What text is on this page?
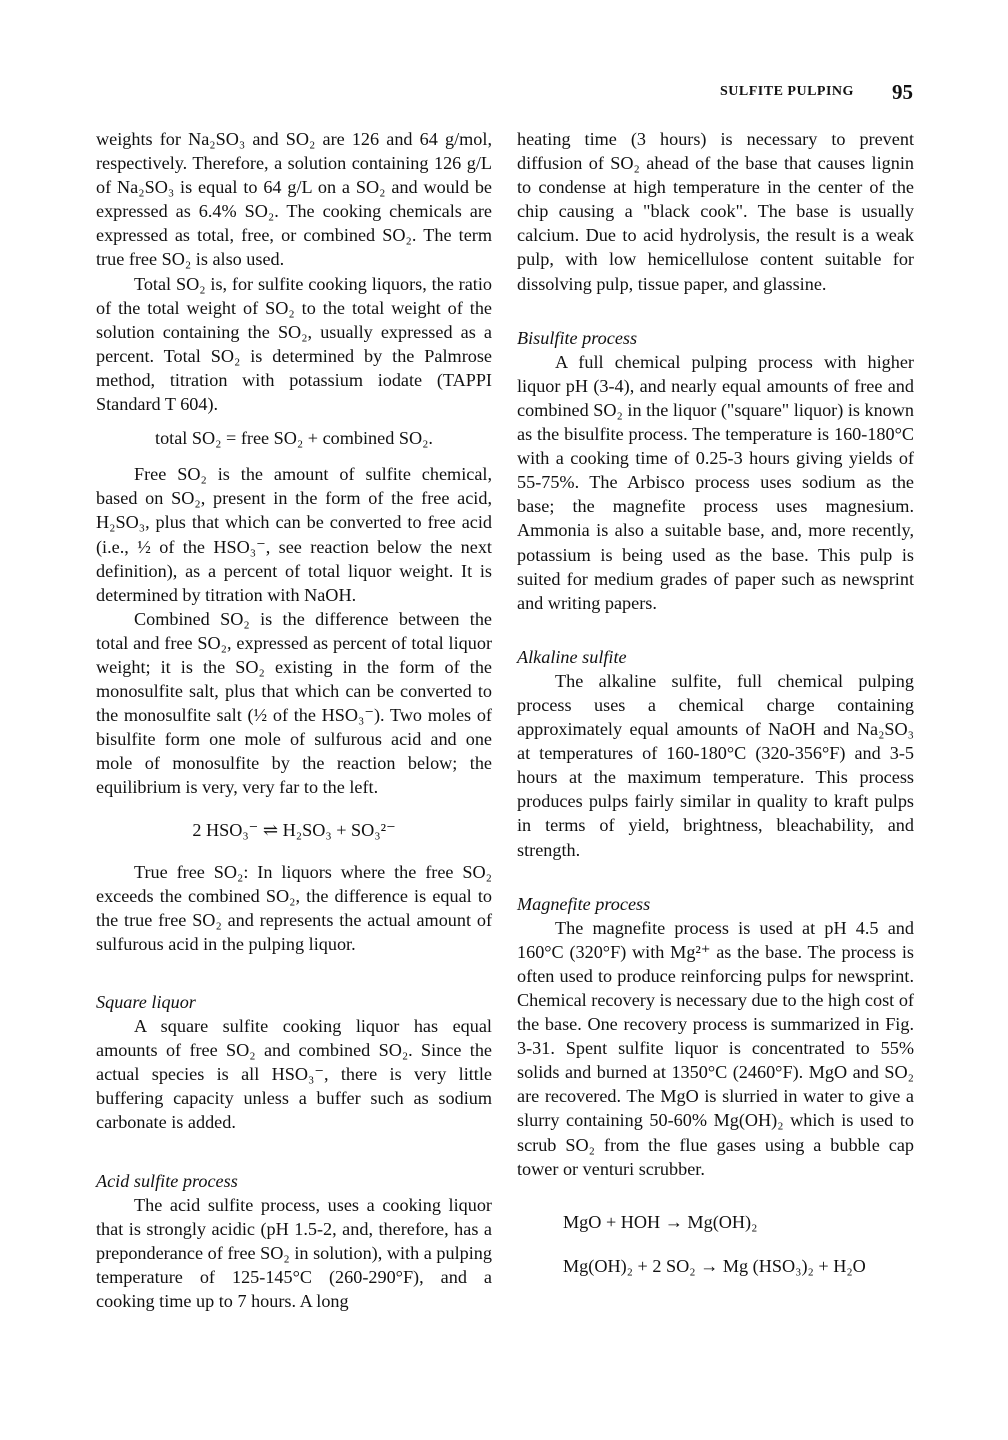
SULFITE PULPING 95

weights for Na₂SO₃ and SO₂ are 126 and 64 g/mol, respectively. Therefore, a solution containing 126 g/L of Na₂SO₃ is equal to 64 g/L on a SO₂ and would be expressed as 6.4% SO₂. The cooking chemicals are expressed as total, free, or combined SO₂. The term true free SO₂ is also used.

Total SO₂ is, for sulfite cooking liquors, the ratio of the total weight of SO₂ to the total weight of the solution containing the SO₂, usually expressed as a percent. Total SO₂ is determined by the Palmrose method, titration with potassium iodate (TAPPI Standard T 604).

total SO₂ = free SO₂ + combined SO₂.

Free SO₂ is the amount of sulfite chemical, based on SO₂, present in the form of the free acid, H₂SO₃, plus that which can be converted to free acid (i.e., ½ of the HSO₃⁻, see reaction below the next definition), as a percent of total liquor weight. It is determined by titration with NaOH.

Combined SO₂ is the difference between the total and free SO₂, expressed as percent of total liquor weight; it is the SO₂ existing in the form of the monosulfite salt, plus that which can be converted to the monosulfite salt (½ of the HSO₃⁻). Two moles of bisulfite form one mole of sulfurous acid and one mole of monosulfite by the reaction below; the equilibrium is very, very far to the left.

2 HSO₃⁻ ⇌ H₂SO₃ + SO₃²⁻

True free SO₂: In liquors where the free SO₂ exceeds the combined SO₂, the difference is equal to the true free SO₂ and represents the actual amount of sulfurous acid in the pulping liquor.

Square liquor

A square sulfite cooking liquor has equal amounts of free SO₂ and combined SO₂. Since the actual species is all HSO₃⁻, there is very little buffering capacity unless a buffer such as sodium carbonate is added.

Acid sulfite process

The acid sulfite process, uses a cooking liquor that is strongly acidic (pH 1.5-2, and, therefore, has a preponderance of free SO₂ in solution), with a pulping temperature of 125-145°C (260-290°F), and a cooking time up to 7 hours. A long

heating time (3 hours) is necessary to prevent diffusion of SO₂ ahead of the base that causes lignin to condense at high temperature in the center of the chip causing a "black cook". The base is usually calcium. Due to acid hydrolysis, the result is a weak pulp, with low hemicellulose content suitable for dissolving pulp, tissue paper, and glassine.

Bisulfite process

A full chemical pulping process with higher liquor pH (3-4), and nearly equal amounts of free and combined SO₂ in the liquor ("square" liquor) is known as the bisulfite process. The temperature is 160-180°C with a cooking time of 0.25-3 hours giving yields of 55-75%. The Arbisco process uses sodium as the base; the magnefite process uses magnesium. Ammonia is also a suitable base, and, more recently, potassium is being used as the base. This pulp is suited for medium grades of paper such as newsprint and writing papers.

Alkaline sulfite

The alkaline sulfite, full chemical pulping process uses a chemical charge containing approximately equal amounts of NaOH and Na₂SO₃ at temperatures of 160-180°C (320-356°F) and 3-5 hours at the maximum temperature. This process produces pulps fairly similar in quality to kraft pulps in terms of yield, brightness, bleachability, and strength.

Magnefite process

The magnefite process is used at pH 4.5 and 160°C (320°F) with Mg²⁺ as the base. The process is often used to produce reinforcing pulps for newsprint. Chemical recovery is necessary due to the high cost of the base. One recovery process is summarized in Fig. 3-31. Spent sulfite liquor is concentrated to 55% solids and burned at 1350°C (2460°F). MgO and SO₂ are recovered. The MgO is slurried in water to give a slurry containing 50-60% Mg(OH)₂ which is used to scrub SO₂ from the flue gases using a bubble cap tower or venturi scrubber.

MgO + HOH → Mg(OH)₂

Mg(OH)₂ + 2 SO₂ → Mg (HSO₃)₂ + H₂O
